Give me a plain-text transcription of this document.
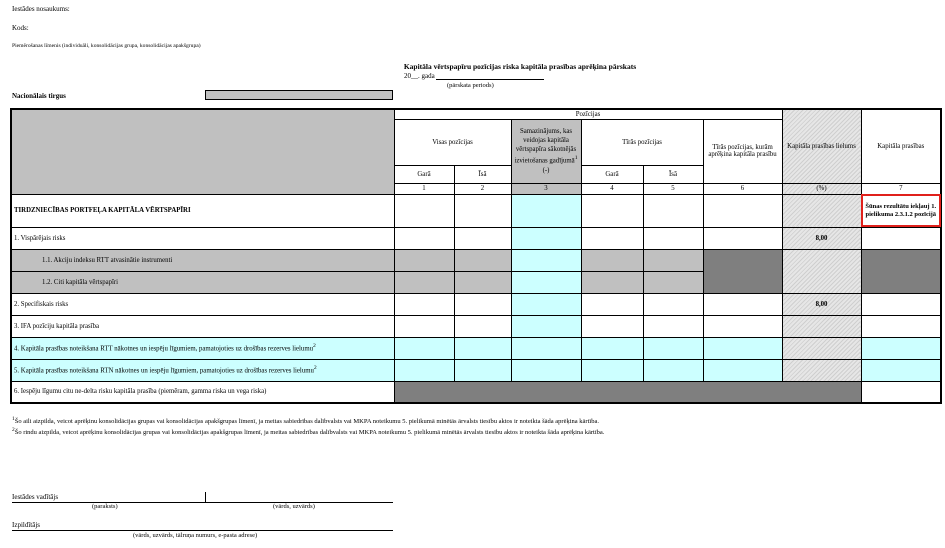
Iestādes nosaukums:
Kods:
Piemērošanas līmenis (individuāli, konsolidācijas grupa, konsolidācijas apakšgrupa)
Kapitāla vērtspapīru pozīcijas riska kapitāla prasības aprēķina pārskats
20__. gada
(pārskata periods)
Nacionālais tirgus
	Pozīcijas						Kapitāla prasības lielums	Kapitāla prasības
	Visas pozīcijas		Samazinājums, kas veidojas kapitāla vērtspapīra sākotnējās izvietošanas gadījumā$^1$ (-)	Tīrās pozīcijas		Tīrās pozīcijas, kurām aprēķina kapitāla prasību		
	Garā	Īsā		Garā	Īsā			
	1	2	3	4	5	6	(%)	7
TIRDZNIECĪBAS PORTFEĻA KAPITĀLA VĒRTSPAPĪRI								Šūnas rezultātu iekļauj 1. pielikuma 2.3.1.2 pozīcijā
1. Vispārējais risks							8,00	
1.1. Akciju indeksu RTT atvasinātie instrumenti								
1.2. Citi kapitāla vērtspapīri								
2. Specifiskais risks							8,00	
3. IFA pozīciju kapitāla prasība								
4. Kapitāla prasības noteikšana RTT nākotnes un iespēju līgumiem, pamatojoties uz drošības rezerves lielumu$^2$								
5. Kapitāla prasības noteikšana RTN nākotnes un iespēju līgumiem, pamatojoties uz drošības rezerves lielumu$^2$								
6. Iespēju līgumu citu ne-delta risku kapitāla prasība (piemēram, gamma riska un vega riska)								
$^1$Šo aili aizpilda, veicot aprēķinu konsolidācijas grupas vai konsolidācijas apakšgrupas līmenī, ja meitas sabiedrības dalībvalsts vai MKPA noteikumu 5. pielikumā minētās ārvalsts tiesību aktos ir noteikta šāda aprēķina kārtība.
$^2$Šo rindu aizpilda, veicot aprēķinu konsolidācijas grupas vai konsolidācijas apakšgrupas līmenī, ja meitas sabiedrības dalībvalsts vai MKPA noteikumu 5. pielikumā minētās ārvalsts tiesību aktos ir noteikta šāda aprēķina kārtība.
Iestādes vadītājs
(paraksts)	(vārds, uzvārds)
Izpildītājs
(vārds, uzvārds, tālruņa numurs, e-pasta adrese)
